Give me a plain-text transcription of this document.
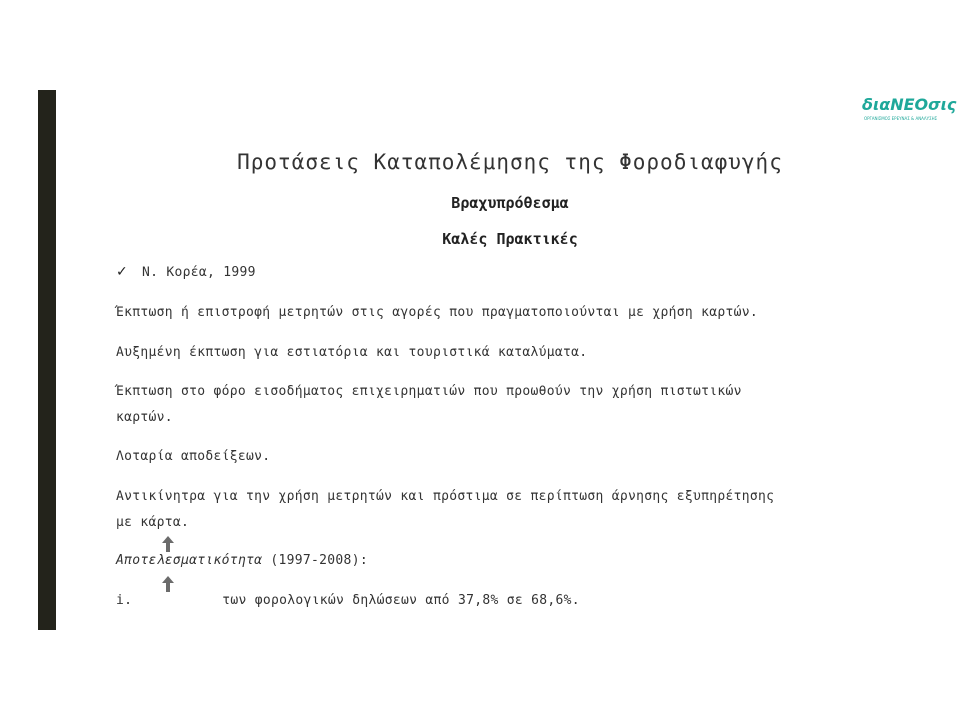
διαΝΕΟσις
ΟΡΓΑΝΙΣΜΟΣ ΕΡΕΥΝΑΣ & ΑΝΑΛΥΣΗΣ
Προτάσεις Καταπολέμησης της Φοροδιαφυγής
Βραχυπρόθεσμα
Καλές Πρακτικές
✓ Ν. Κορέα, 1999
Έκπτωση ή επιστροφή μετρητών στις αγορές που πραγματοποιούνται με χρήση καρτών.
Αυξημένη έκπτωση για εστιατόρια και τουριστικά καταλύματα.
Έκπτωση στο φόρο εισοδήματος επιχειρηματιών που προωθούν την χρήση πιστωτικών
καρτών.
Λοταρία αποδείξεων.
Αντικίνητρα για την χρήση μετρητών και πρόστιμα σε περίπτωση άρνησης εξυπηρέτησης
με κάρτα.
Αποτελεσματικότητα (1997-2008):
i.	των φορολογικών δηλώσεων από 37,8% σε 68,6%.
